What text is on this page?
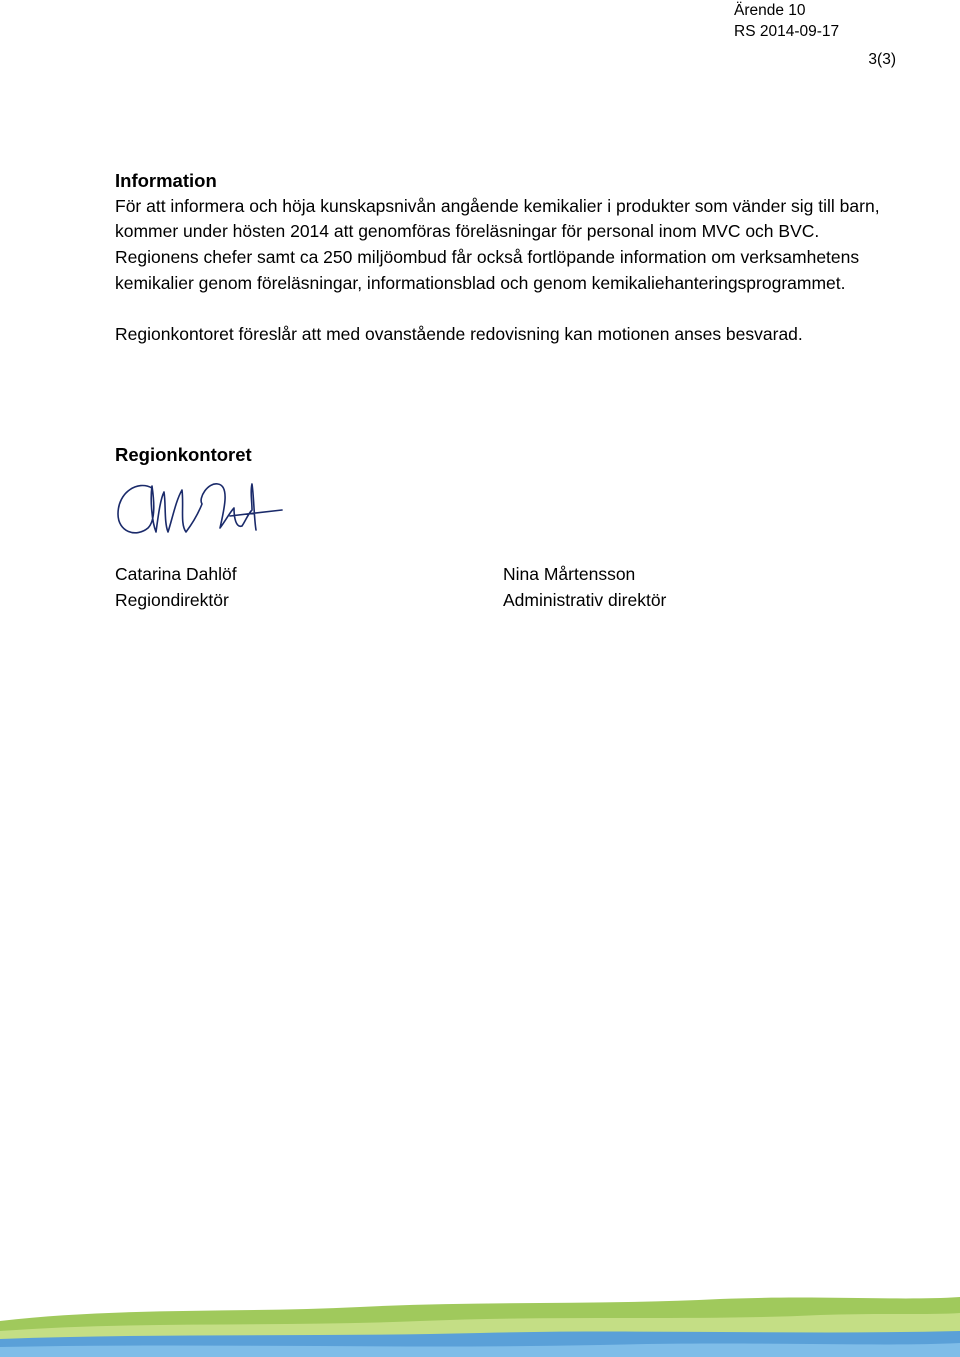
Ärende 10
RS 2014-09-17
3(3)

Information

För att informera och höja kunskapsnivån angående kemikalier i produkter som vänder sig till barn, kommer under hösten 2014 att genomföras föreläsningar för personal inom MVC och BVC. Regionens chefer samt ca 250 miljöombud får också fortlöpande information om verksamhetens kemikalier genom föreläsningar, informationsblad och genom kemikaliehanteringsprogrammet.

Regionkontoret föreslår att med ovanstående redovisning kan motionen anses besvarad.

Regionkontoret
Catarina Dahlöf
Regiondirektör
Nina Mårtensson
Administrativ direktör
